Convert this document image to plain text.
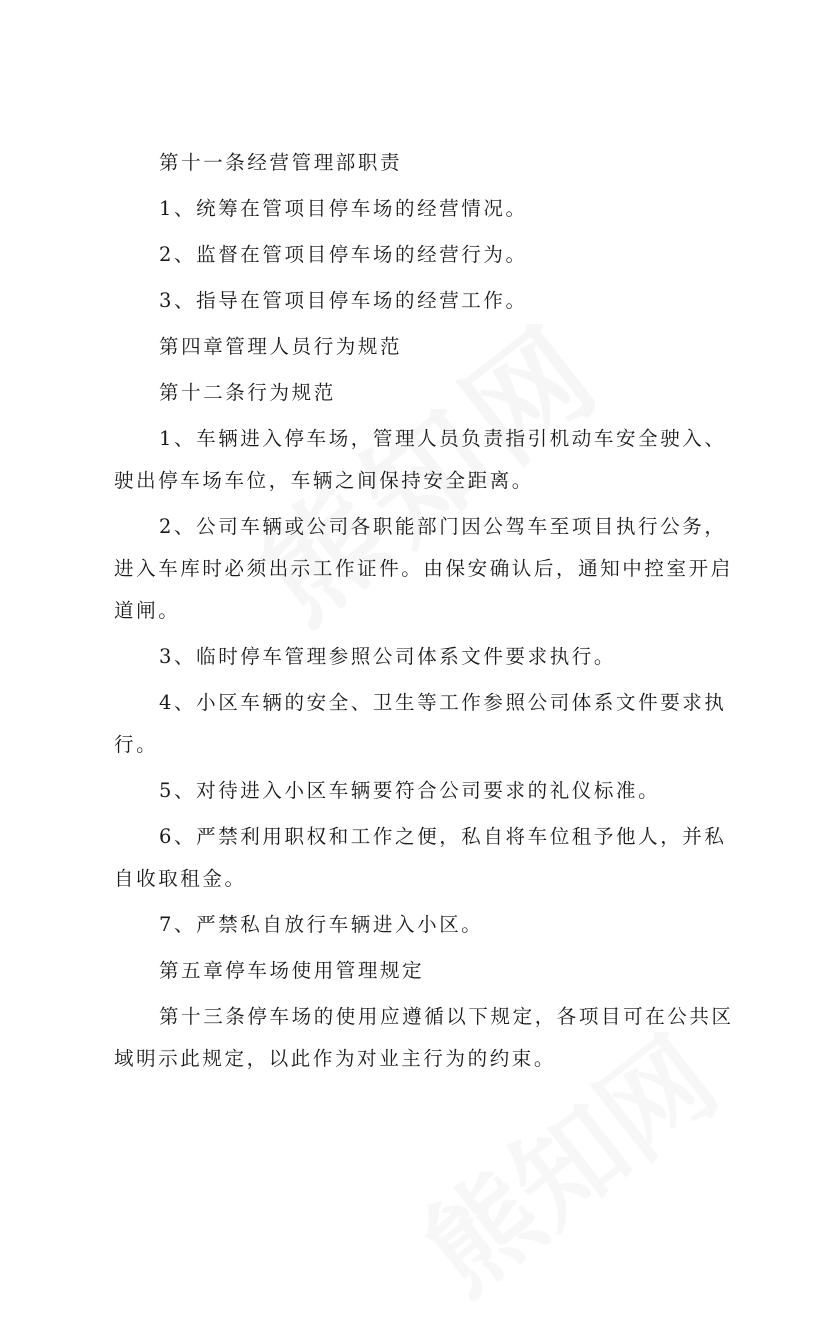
第十一条经营管理部职责

1、统筹在管项目停车场的经营情况。

2、监督在管项目停车场的经营行为。

3、指导在管项目停车场的经营工作。

第四章管理人员行为规范

第十二条行为规范

1、车辆进入停车场，管理人员负责指引机动车安全驶入、驶出停车场车位，车辆之间保持安全距离。

2、公司车辆或公司各职能部门因公驾车至项目执行公务， 进入车库时必须出示工作证件。由保安确认后，通知中控室开启道闸。

3、临时停车管理参照公司体系文件要求执行。

4、小区车辆的安全、卫生等工作参照公司体系文件要求执行。

5、对待进入小区车辆要符合公司要求的礼仪标准。

6、严禁利用职权和工作之便，私自将车位租予他人，并私自收取租金。

7、严禁私自放行车辆进入小区。

第五章停车场使用管理规定

第十三条停车场的使用应遵循以下规定，各项目可在公共区域明示此规定，以此作为对业主行为的约束。
